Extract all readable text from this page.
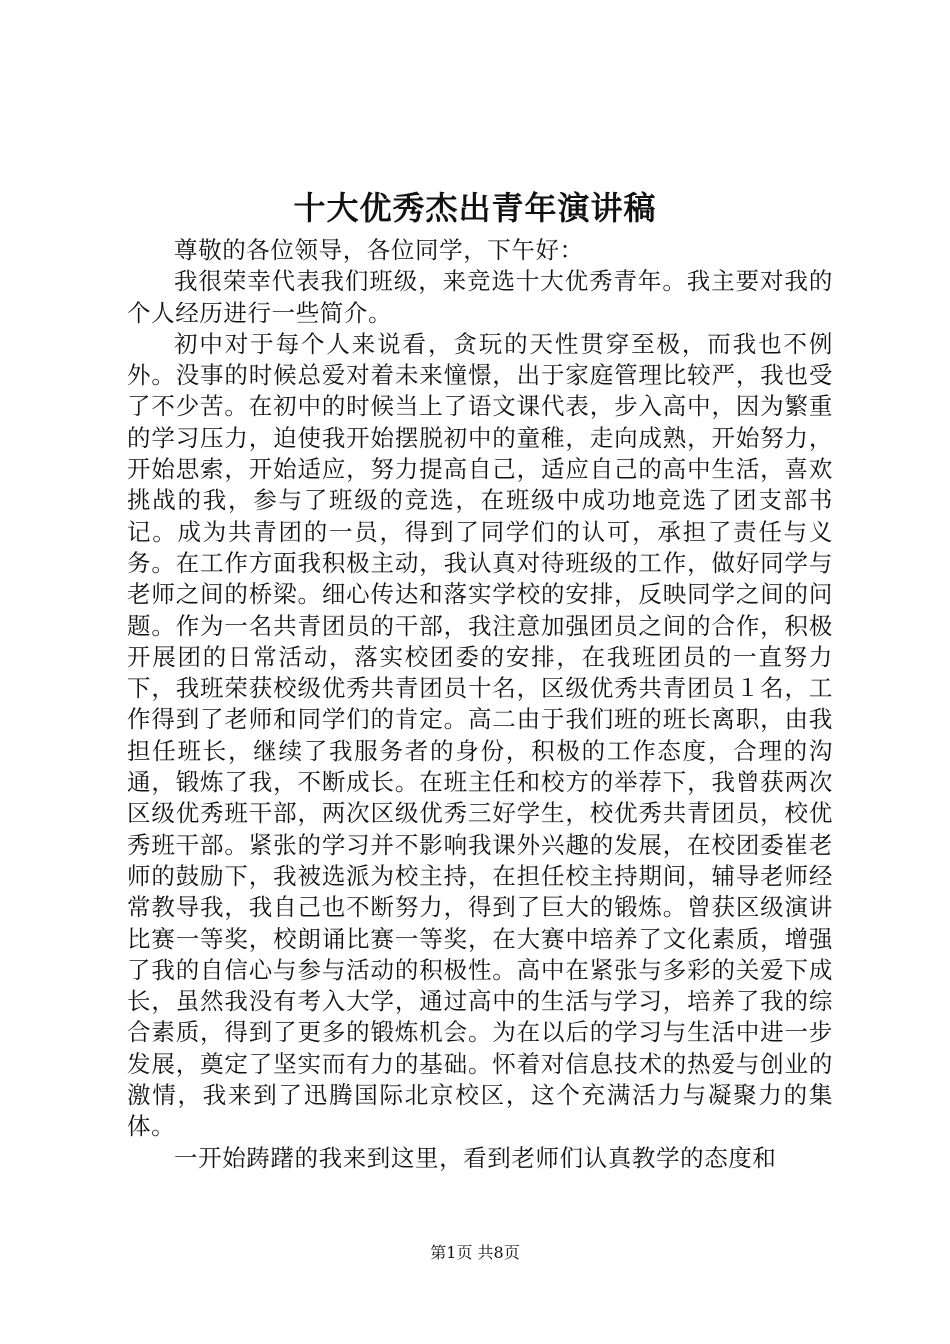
十大优秀杰出青年演讲稿

尊敬的各位领导，各位同学，下午好：

我很荣幸代表我们班级，来竞选十大优秀青年。我主要对我的个人经历进行一些简介。

初中对于每个人来说看，贪玩的天性贯穿至极，而我也不例外。没事的时候总爱对着未来憧憬，出于家庭管理比较严，我也受了不少苦。在初中的时候当上了语文课代表，步入高中，因为繁重的学习压力，迫使我开始摆脱初中的童稚，走向成熟，开始努力，开始思索，开始适应，努力提高自己，适应自己的高中生活，喜欢挑战的我，参与了班级的竞选，在班级中成功地竞选了团支部书记。成为共青团的一员，得到了同学们的认可，承担了责任与义务。在工作方面我积极主动，我认真对待班级的工作，做好同学与老师之间的桥梁。细心传达和落实学校的安排，反映同学之间的问题。作为一名共青团员的干部，我注意加强团员之间的合作，积极开展团的日常活动，落实校团委的安排，在我班团员的一直努力下，我班荣获校级优秀共青团员十名，区级优秀共青团员１名，工作得到了老师和同学们的肯定。高二由于我们班的班长离职，由我担任班长，继续了我服务者的身份，积极的工作态度，合理的沟通，锻炼了我，不断成长。在班主任和校方的举荐下，我曾获两次区级优秀班干部，两次区级优秀三好学生，校优秀共青团员，校优秀班干部。紧张的学习并不影响我课外兴趣的发展，在校团委崔老师的鼓励下，我被选派为校主持，在担任校主持期间，辅导老师经常教导我，我自己也不断努力，得到了巨大的锻炼。曾获区级演讲比赛一等奖，校朗诵比赛一等奖，在大赛中培养了文化素质，增强了我的自信心与参与活动的积极性。高中在紧张与多彩的关爱下成长，虽然我没有考入大学，通过高中的生活与学习，培养了我的综合素质，得到了更多的锻炼机会。为在以后的学习与生活中进一步发展，奠定了坚实而有力的基础。怀着对信息技术的热爱与创业的激情，我来到了迅腾国际北京校区，这个充满活力与凝聚力的集体。

一开始踌躇的我来到这里，看到老师们认真教学的态度和

第1页 共8页
